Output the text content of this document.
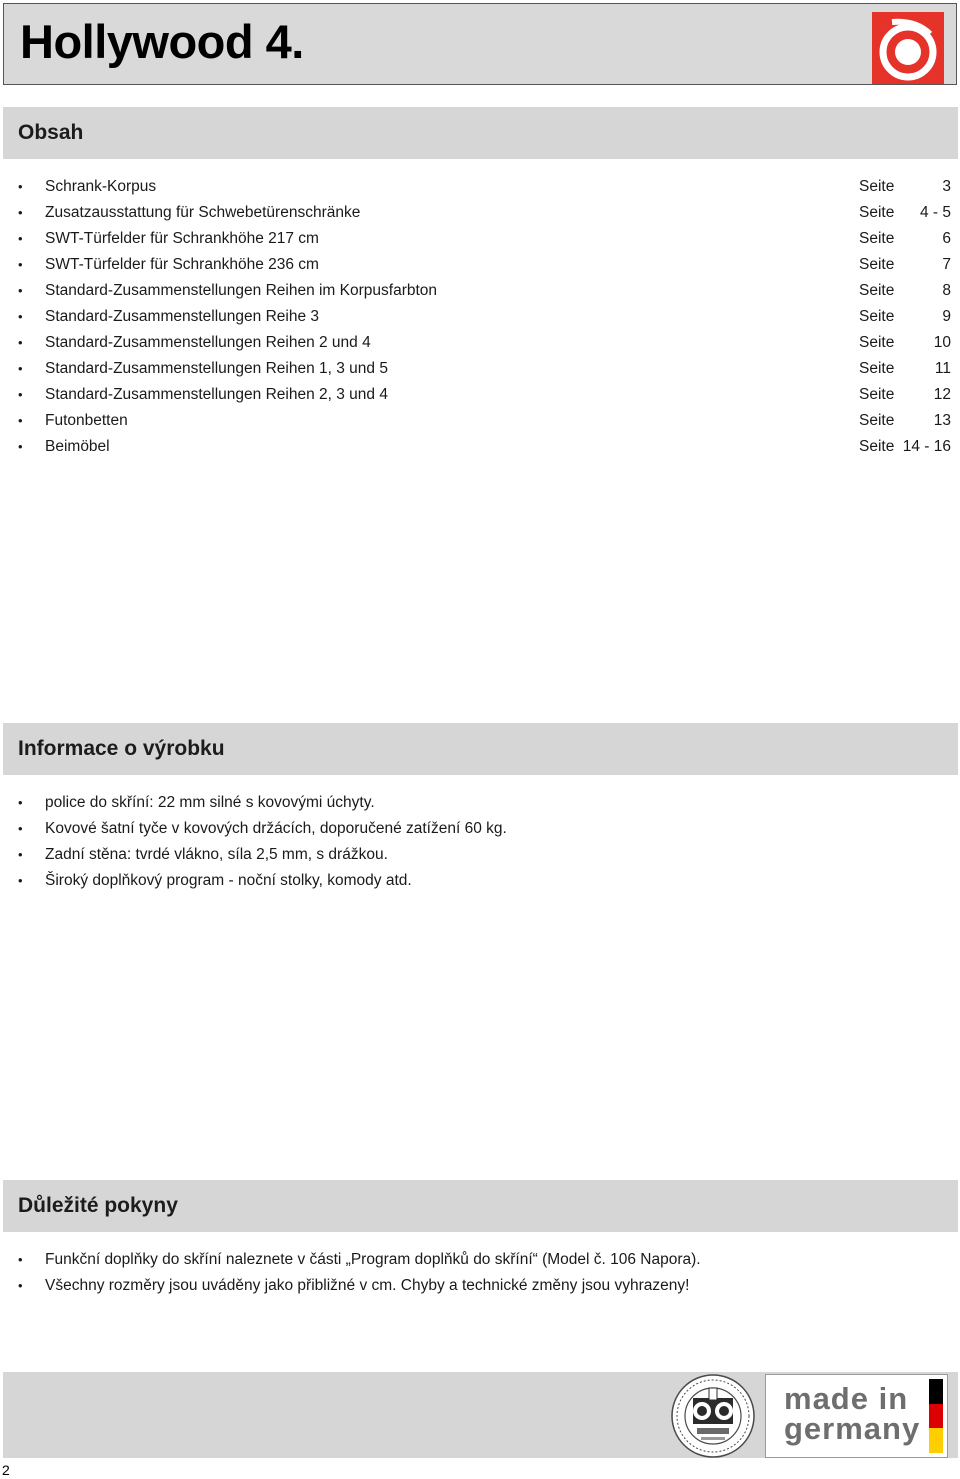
Hollywood 4.
Obsah
• Schrank-Korpus	Seite	3
• Zusatzausstattung für Schwebetürenschränke	Seite 4 - 5
• SWT-Türfelder für Schrankhöhe 217 cm	Seite	6
• SWT-Türfelder für Schrankhöhe 236 cm	Seite	7
• Standard-Zusammenstellungen Reihen im Korpusfarbton	Seite	8
• Standard-Zusammenstellungen Reihe 3	Seite	9
• Standard-Zusammenstellungen Reihen 2 und 4	Seite	10
• Standard-Zusammenstellungen Reihen 1, 3 und 5	Seite	11
• Standard-Zusammenstellungen Reihen 2, 3 und 4	Seite	12
• Futonbetten	Seite	13
• Beimöbel	Seite 14 - 16
Informace o výrobku
• police do skříní: 22 mm silné s kovovými úchyty.
• Kovové šatní tyče v kovových držácích, doporučené zatížení 60 kg.
• Zadní stěna: tvrdé vlákno, síla 2,5 mm, s drážkou.
• Široký doplňkový program - noční stolky, komody atd.
Důležité pokyny
• Funkční doplňky do skříní naleznete v části „Program doplňků do skříní“ (Model č. 106 Napora).
• Všechny rozměry jsou uváděny jako přibližné v cm. Chyby a technické změny jsou vyhrazeny!
made in
germany
2
